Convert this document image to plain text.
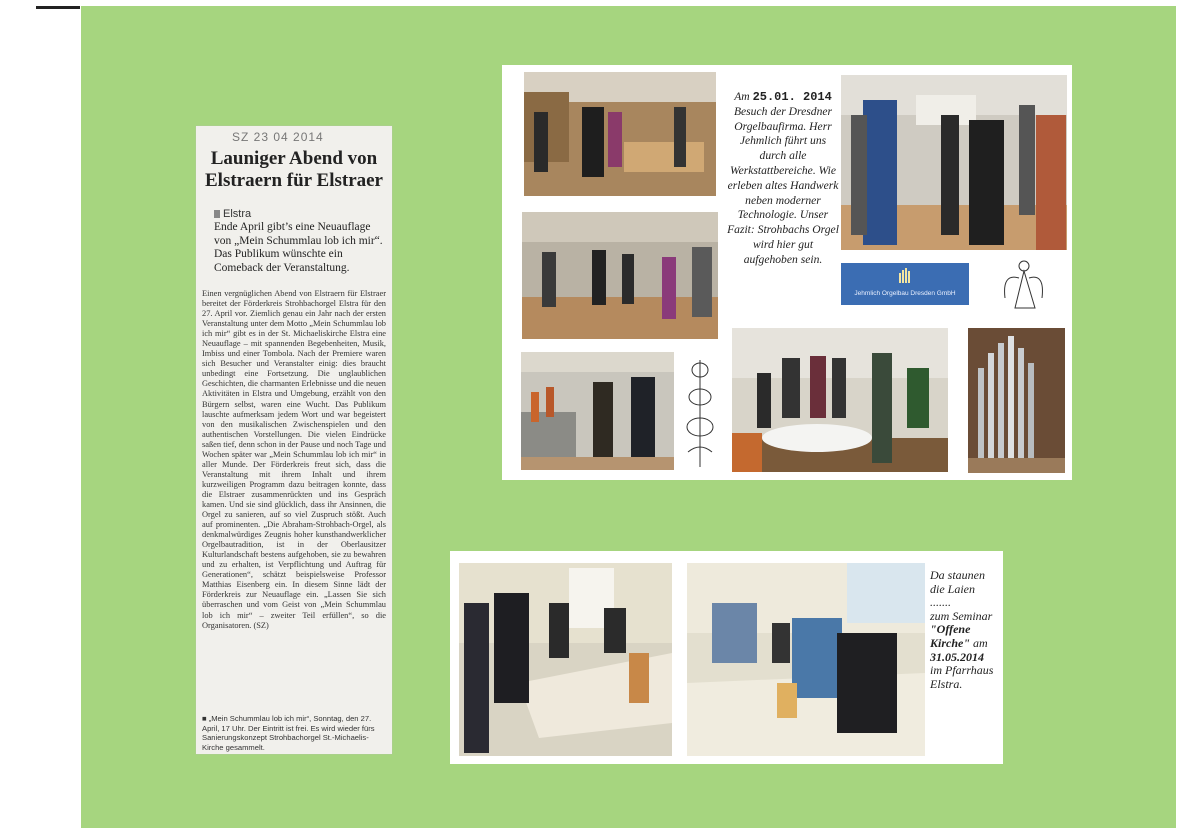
SZ 23 04 2014
Launiger Abend von Elstraern für Elstraer
Elstra
Ende April gibt’s eine Neuauflage von „Mein Schummlau lob ich mir“. Das Publikum wünschte ein Comeback der Veranstaltung.
Einen vergnüglichen Abend von Elstraern für Elstraer bereitet der Förderkreis Strohbachorgel Elstra für den 27. April vor. Ziemlich genau ein Jahr nach der ersten Veranstaltung unter dem Motto „Mein Schummlau lob ich mir“ gibt es in der St. Michaeliskirche Elstra eine Neuauflage – mit spannenden Begebenheiten, Musik, Imbiss und einer Tombola. Nach der Premiere waren sich Besucher und Veranstalter einig: dies braucht unbedingt eine Fortsetzung. Die unglaublichen Geschichten, die charmanten Erlebnisse und die neuen Aktivitäten in Elstra und Umgebung, erzählt von den Bürgern selbst, waren eine Wucht. Das Publikum lauschte aufmerksam jedem Wort und war begeistert von den musikalischen Zwischenspielen und den authentischen Vorstellungen. Die vielen Eindrücke saßen tief, denn schon in der Pause und noch Tage und Wochen später war „Mein Schummlau lob ich mir“ in aller Munde. Der Förderkreis freut sich, dass die Veranstaltung mit ihrem Inhalt und ihrem kurzweiligen Programm dazu beitragen konnte, dass die Elstraer zusammenrückten und ins Gespräch kamen. Und sie sind glücklich, dass ihr Ansinnen, die Orgel zu sanieren, auf so viel Zuspruch stößt. Auch auf prominenten. „Die Abraham-Strohbach-Orgel, als denkmalwürdiges Zeugnis hoher kunsthandwerklicher Orgelbautradition, ist in der Oberlausitzer Kulturlandschaft bestens aufgehoben, sie zu bewahren und zu erhalten, ist Verpflichtung und Auftrag für Generationen“, schätzt beispielsweise Professor Matthias Eisenberg ein. In diesem Sinne lädt der Förderkreis zur Neuauflage ein. „Lassen Sie sich überraschen und vom Geist von „Mein Schummlau lob ich mir“ – zweiter Teil erfüllen“, so die Organisatoren. (SZ)
■ „Mein Schummlau lob ich mir“, Sonntag, den 27. April, 17 Uhr. Der Eintritt ist frei. Es wird wieder fürs Sanierungskonzept Strohbachorgel St.-Michaelis-Kirche gesammelt.
Am 25.01. 2014
Besuch der Dresdner Orgelbaufirma. Herr Jehmlich führt uns durch alle Werkstattbereiche. Wie erleben altes Handwerk neben moderner Technologie. Unser Fazit: Strohbachs Orgel wird hier gut aufgehoben sein.
Jehmlich Orgelbau Dresden GmbH
Da staunen die Laien
.......
zum Seminar
"Offene Kirche" am
31.05.2014
im Pfarrhaus Elstra.
